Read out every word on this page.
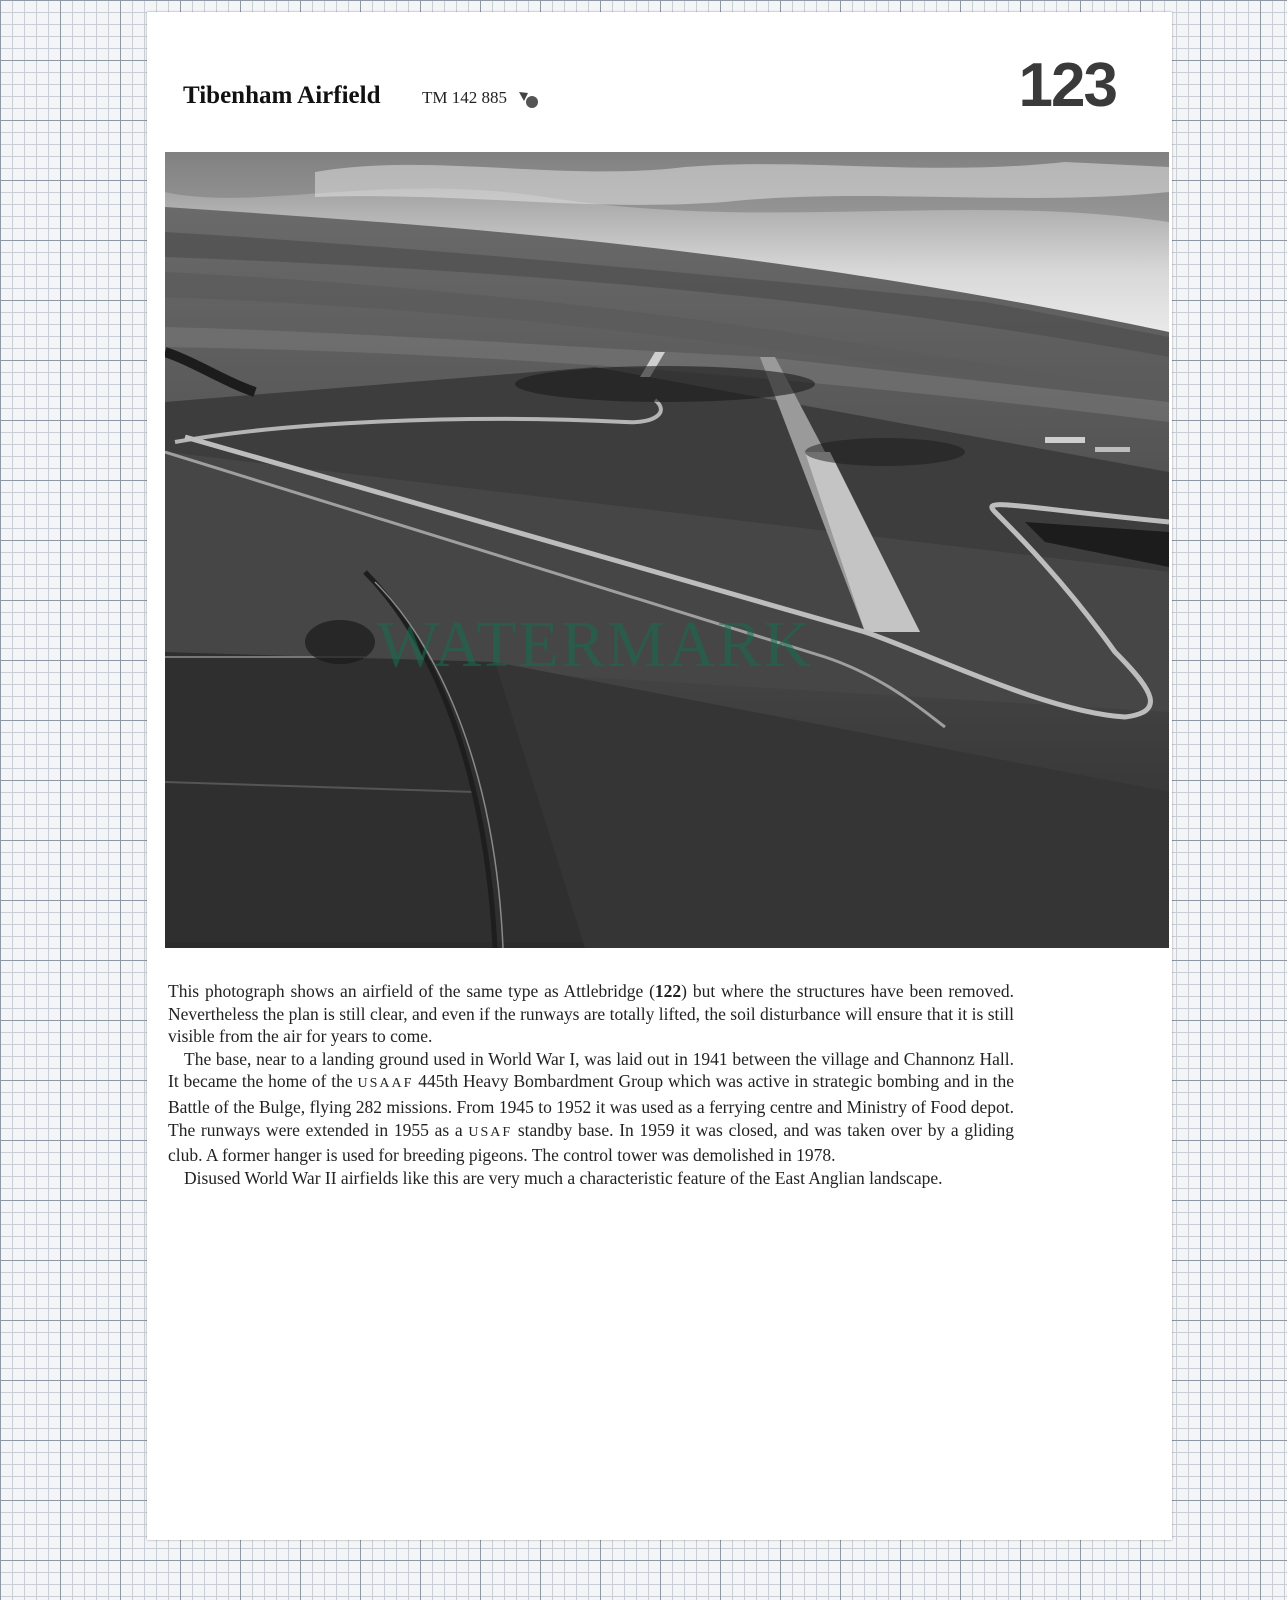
Tibenham Airfield TM 142 885	123
WATERMARK

This photograph shows an airfield of the same type as Attlebridge (122) but where the structures have been removed. Nevertheless the plan is still clear, and even if the runways are totally lifted, the soil disturbance will ensure that it is still visible from the air for years to come.

The base, near to a landing ground used in World War I, was laid out in 1941 between the village and Channonz Hall. It became the home of the USAAF 445th Heavy Bombardment Group which was active in strategic bombing and in the Battle of the Bulge, flying 282 missions. From 1945 to 1952 it was used as a ferrying centre and Ministry of Food depot. The runways were extended in 1955 as a USAF standby base. In 1959 it was closed, and was taken over by a gliding club. A former hanger is used for breeding pigeons. The control tower was demolished in 1978.

Disused World War II airfields like this are very much a characteristic feature of the East Anglian landscape.
